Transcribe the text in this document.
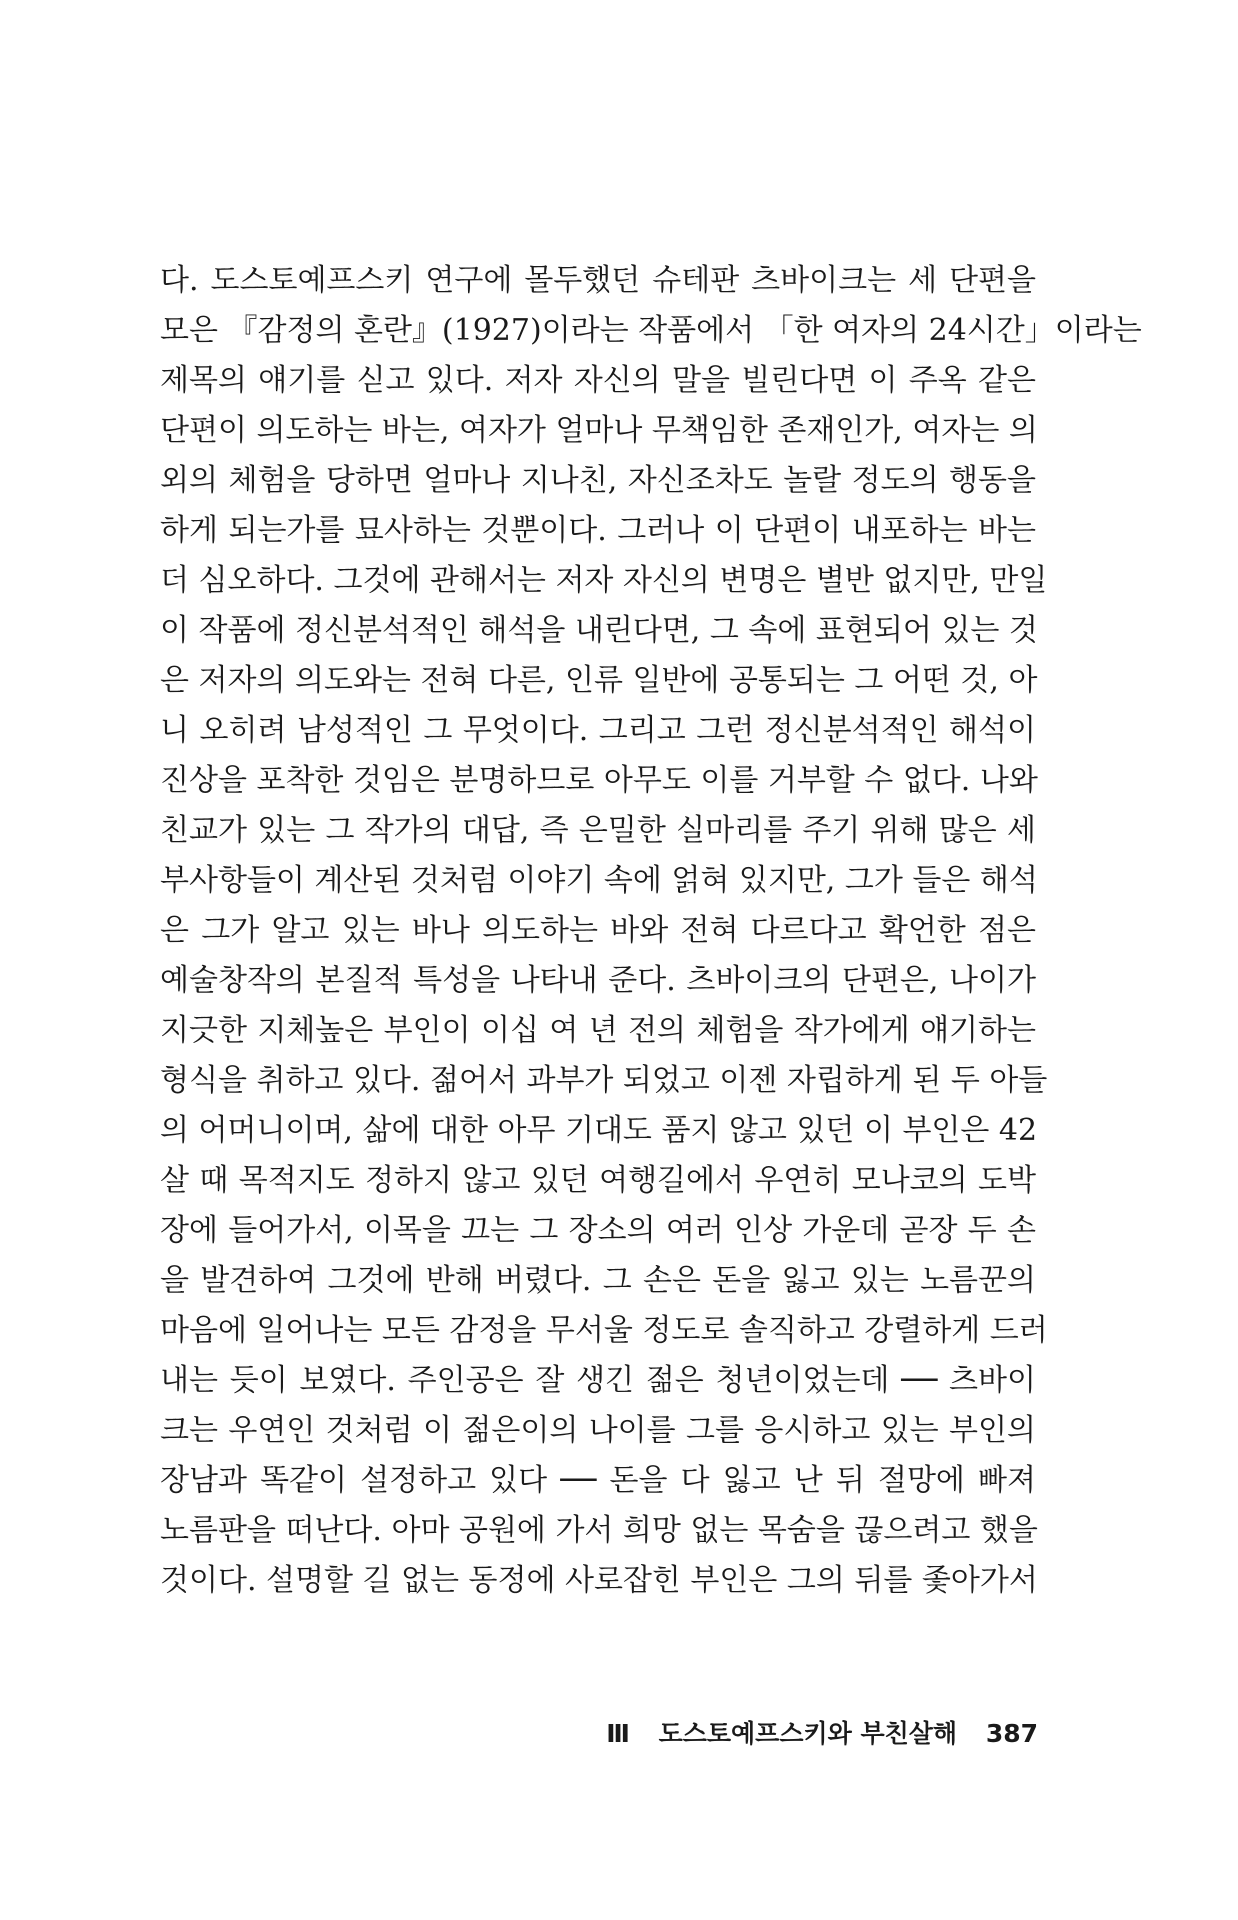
다. 도스토예프스키 연구에 몰두했던 슈테판 츠바이크는 세 단편을
모은 『감정의 혼란』(1927)이라는 작품에서 「한 여자의 24시간」이라는
제목의 얘기를 싣고 있다. 저자 자신의 말을 빌린다면 이 주옥 같은
단편이 의도하는 바는, 여자가 얼마나 무책임한 존재인가, 여자는 의
외의 체험을 당하면 얼마나 지나친, 자신조차도 놀랄 정도의 행동을
하게 되는가를 묘사하는 것뿐이다. 그러나 이 단편이 내포하는 바는
더 심오하다. 그것에 관해서는 저자 자신의 변명은 별반 없지만, 만일
이 작품에 정신분석적인 해석을 내린다면, 그 속에 표현되어 있는 것
은 저자의 의도와는 전혀 다른, 인류 일반에 공통되는 그 어떤 것, 아
니 오히려 남성적인 그 무엇이다. 그리고 그런 정신분석적인 해석이
진상을 포착한 것임은 분명하므로 아무도 이를 거부할 수 없다. 나와
친교가 있는 그 작가의 대답, 즉 은밀한 실마리를 주기 위해 많은 세
부사항들이 계산된 것처럼 이야기 속에 얽혀 있지만, 그가 들은 해석
은 그가 알고 있는 바나 의도하는 바와 전혀 다르다고 확언한 점은
예술창작의 본질적 특성을 나타내 준다. 츠바이크의 단편은, 나이가
지긋한 지체높은 부인이 이십 여 년 전의 체험을 작가에게 얘기하는
형식을 취하고 있다. 젊어서 과부가 되었고 이젠 자립하게 된 두 아들
의 어머니이며, 삶에 대한 아무 기대도 품지 않고 있던 이 부인은 42
살 때 목적지도 정하지 않고 있던 여행길에서 우연히 모나코의 도박
장에 들어가서, 이목을 끄는 그 장소의 여러 인상 가운데 곧장 두 손
을 발견하여 그것에 반해 버렸다. 그 손은 돈을 잃고 있는 노름꾼의
마음에 일어나는 모든 감정을 무서울 정도로 솔직하고 강렬하게 드러
내는 듯이 보였다. 주인공은 잘 생긴 젊은 청년이었는데 ── 츠바이
크는 우연인 것처럼 이 젊은이의 나이를 그를 응시하고 있는 부인의
장남과 똑같이 설정하고 있다 ── 돈을 다 잃고 난 뒤 절망에 빠져
노름판을 떠난다. 아마 공원에 가서 희망 없는 목숨을 끊으려고 했을
것이다. 설명할 길 없는 동정에 사로잡힌 부인은 그의 뒤를 좇아가서
Ⅲ 도스토예프스키와 부친살해 387
